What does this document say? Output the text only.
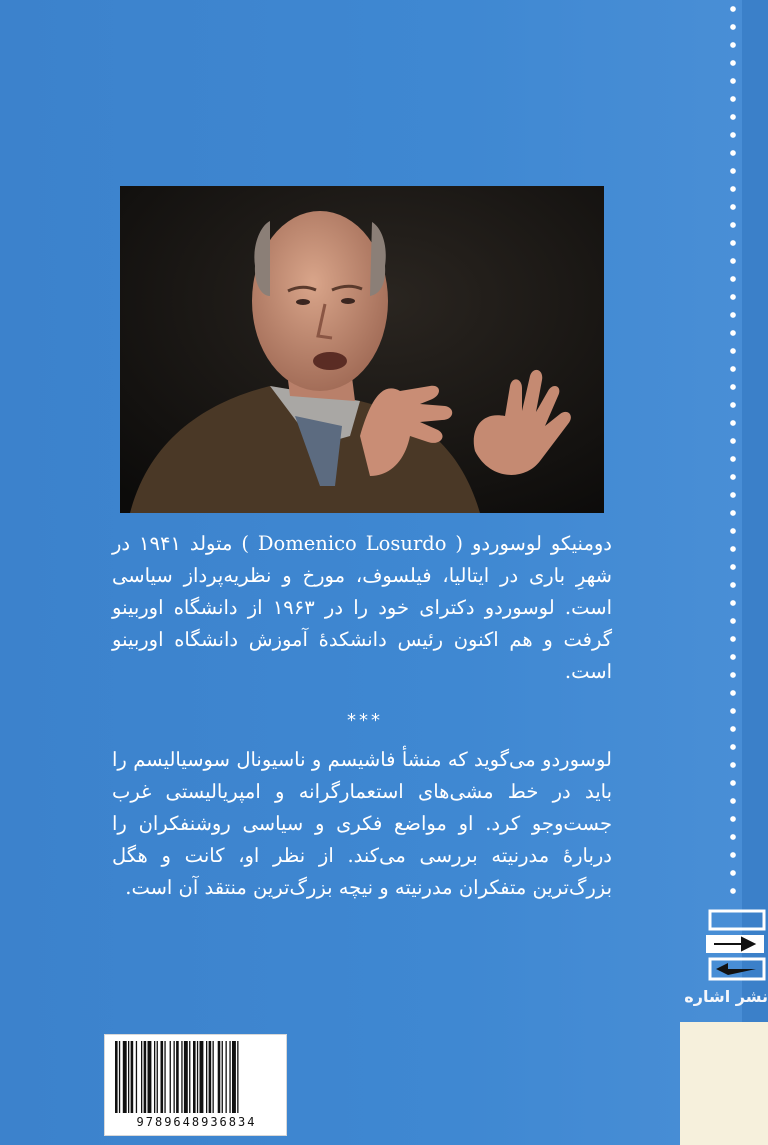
دومنیکو لوسوردو ( Domenico Losurdo ) متولد ۱۹۴۱ در شهرِ باری در ایتالیا، فیلسوف، مورخ و نظریه‌پرداز سیاسی است. لوسوردو دکترای خود را در ۱۹۶۳ از دانشگاه اوربینو گرفت و هم اکنون رئیس دانشکدهٔ آموزش دانشگاه اوربینو است.
***
لوسوردو می‌گوید که منشأ فاشیسم و ناسیونال سوسیالیسم را باید در خط مشی‌های استعمارگرانه و امپریالیستی غرب جست‌وجو کرد. او مواضع فکری و سیاسی روشنفکران را دربارهٔ مدرنیته بررسی می‌کند. از نظر او، کانت و هگل بزرگ‌ترین متفکران مدرنیته و نیچه بزرگ‌ترین منتقد آن است.
نشر اشاره
9789648936834
